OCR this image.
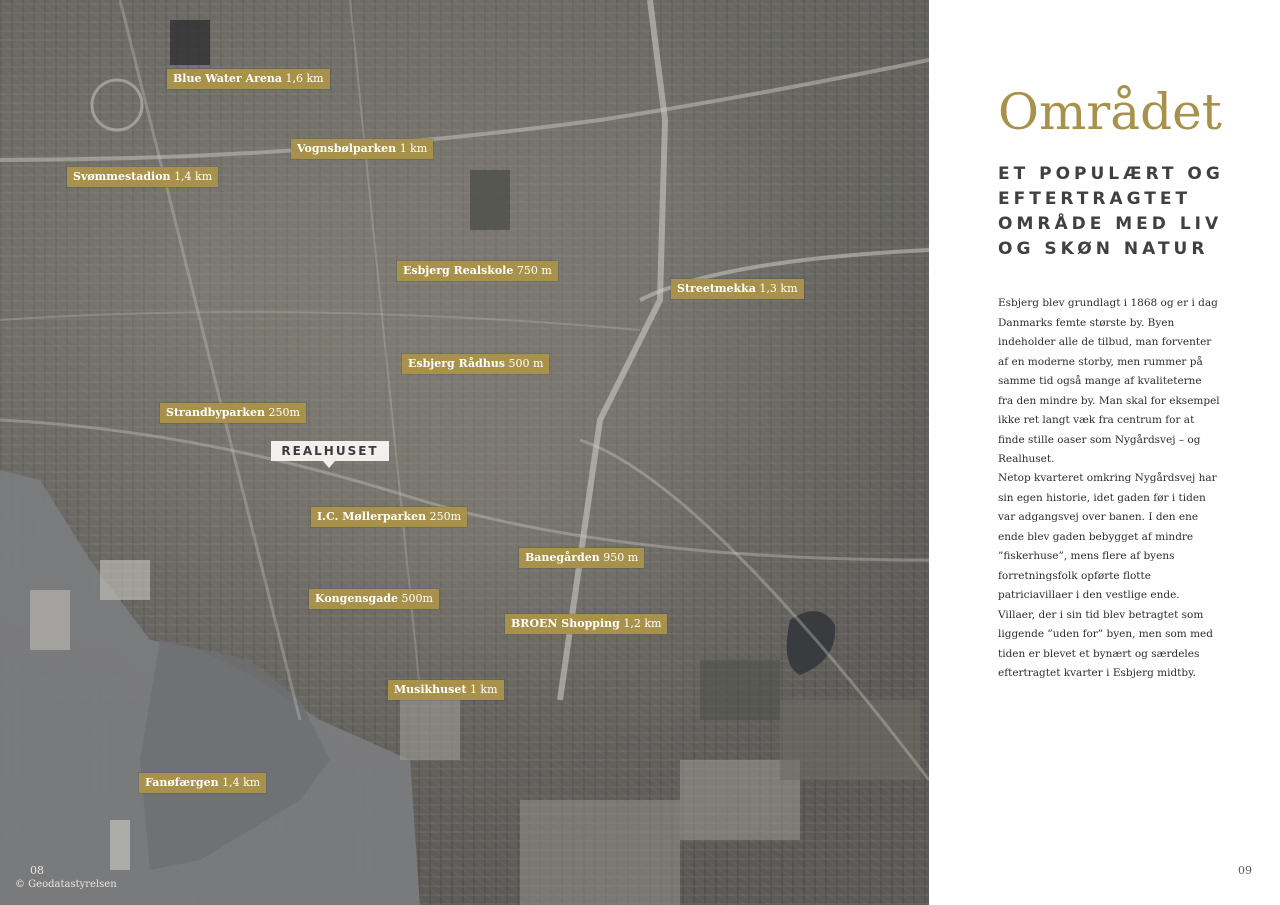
Blue Water Arena 1,6 km
Vognsbølparken 1 km
Svømmestadion 1,4 km
Esbjerg Realskole 750 m
Streetmekka 1,3 km
Esbjerg Rådhus 500 m
Strandbyparken 250m
I.C. Møllerparken 250m
Banegården 950 m
Kongensgade 500m
BROEN Shopping 1,2 km
Musikhuset 1 km
Fanøfærgen 1,4 km
REALHUSET
08
© Geodatastyrelsen
Området
ET POPULÆRT OG EFTERTRAGTET OMRÅDE MED LIV OG SKØN NATUR

Esbjerg blev grundlagt i 1868 og er i dag Danmarks femte største by. Byen indeholder alle de tilbud, man forventer af en moderne storby, men rummer på samme tid også mange af kvaliteterne fra den mindre by. Man skal for eksempel ikke ret langt væk fra centrum for at finde stille oaser som Nygårdsvej – og Realhuset.

Netop kvarteret omkring Nygårdsvej har sin egen historie, idet gaden før i tiden var adgangsvej over banen. I den ene ende blev gaden bebygget af mindre ”fiskerhuse”, mens flere af byens forretningsfolk opførte flotte patriciavillaer i den vestlige ende. Villaer, der i sin tid blev betragtet som liggende ”uden for” byen, men som med tiden er blevet et bynært og særdeles eftertragtet kvarter i Esbjerg midtby.

09
